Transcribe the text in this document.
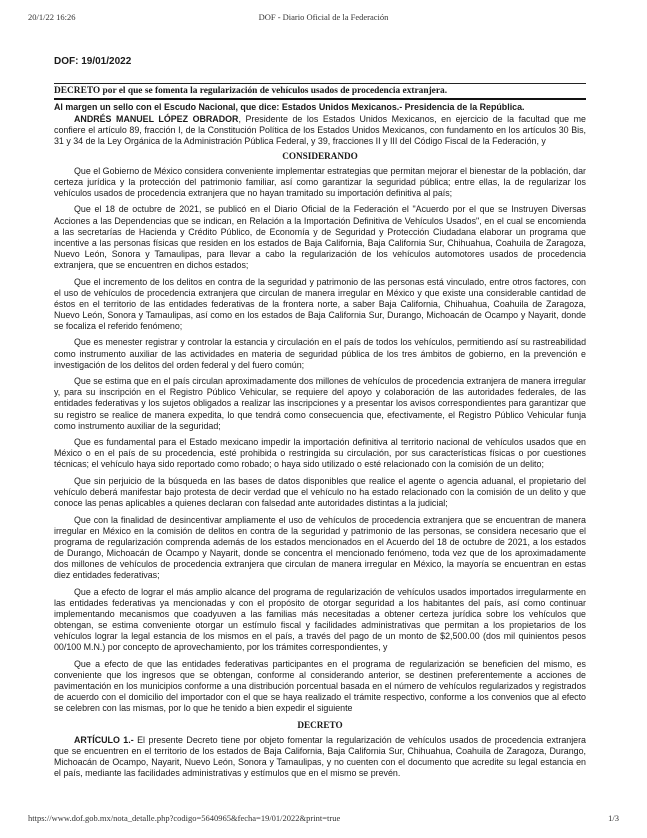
20/1/22 16:26	DOF - Diario Oficial de la Federación
DOF: 19/01/2022
DECRETO por el que se fomenta la regularización de vehículos usados de procedencia extranjera.
Al margen un sello con el Escudo Nacional, que dice: Estados Unidos Mexicanos.- Presidencia de la República.

ANDRÉS MANUEL LÓPEZ OBRADOR, Presidente de los Estados Unidos Mexicanos, en ejercicio de la facultad que me confiere el artículo 89, fracción I, de la Constitución Política de los Estados Unidos Mexicanos, con fundamento en los artículos 30 Bis, 31 y 34 de la Ley Orgánica de la Administración Pública Federal, y 39, fracciones II y III del Código Fiscal de la Federación, y

CONSIDERANDO

Que el Gobierno de México considera conveniente implementar estrategias que permitan mejorar el bienestar de la población, dar certeza jurídica y la protección del patrimonio familiar, así como garantizar la seguridad pública; entre ellas, la de regularizar los vehículos usados de procedencia extranjera que no hayan tramitado su importación definitiva al país;

Que el 18 de octubre de 2021, se publicó en el Diario Oficial de la Federación el "Acuerdo por el que se Instruyen Diversas Acciones a las Dependencias que se indican, en Relación a la Importación Definitiva de Vehículos Usados", en el cual se encomienda a las secretarías de Hacienda y Crédito Público, de Economía y de Seguridad y Protección Ciudadana elaborar un programa que incentive a las personas físicas que residen en los estados de Baja California, Baja California Sur, Chihuahua, Coahuila de Zaragoza, Nuevo León, Sonora y Tamaulipas, para llevar a cabo la regularización de los vehículos automotores usados de procedencia extranjera, que se encuentren en dichos estados;

Que el incremento de los delitos en contra de la seguridad y patrimonio de las personas está vinculado, entre otros factores, con el uso de vehículos de procedencia extranjera que circulan de manera irregular en México y que existe una considerable cantidad de éstos en el territorio de las entidades federativas de la frontera norte, a saber Baja California, Chihuahua, Coahuila de Zaragoza, Nuevo León, Sonora y Tamaulipas, así como en los estados de Baja California Sur, Durango, Michoacán de Ocampo y Nayarit, donde se focaliza el referido fenómeno;

Que es menester registrar y controlar la estancia y circulación en el país de todos los vehículos, permitiendo así su rastreabilidad como instrumento auxiliar de las actividades en materia de seguridad pública de los tres ámbitos de gobierno, en la prevención e investigación de los delitos del orden federal y del fuero común;

Que se estima que en el país circulan aproximadamente dos millones de vehículos de procedencia extranjera de manera irregular y, para su inscripción en el Registro Público Vehicular, se requiere del apoyo y colaboración de las autoridades federales, de las entidades federativas y los sujetos obligados a realizar las inscripciones y a presentar los avisos correspondientes para garantizar que su registro se realice de manera expedita, lo que tendrá como consecuencia que, efectivamente, el Registro Público Vehicular funja como instrumento auxiliar de la seguridad;

Que es fundamental para el Estado mexicano impedir la importación definitiva al territorio nacional de vehículos usados que en México o en el país de su procedencia, esté prohibida o restringida su circulación, por sus características físicas o por cuestiones técnicas; el vehículo haya sido reportado como robado; o haya sido utilizado o esté relacionado con la comisión de un delito;

Que sin perjuicio de la búsqueda en las bases de datos disponibles que realice el agente o agencia aduanal, el propietario del vehículo deberá manifestar bajo protesta de decir verdad que el vehículo no ha estado relacionado con la comisión de un delito y que conoce las penas aplicables a quienes declaran con falsedad ante autoridades distintas a la judicial;

Que con la finalidad de desincentivar ampliamente el uso de vehículos de procedencia extranjera que se encuentran de manera irregular en México en la comisión de delitos en contra de la seguridad y patrimonio de las personas, se considera necesario que el programa de regularización comprenda además de los estados mencionados en el Acuerdo del 18 de octubre de 2021, a los estados de Durango, Michoacán de Ocampo y Nayarit, donde se concentra el mencionado fenómeno, toda vez que de los aproximadamente dos millones de vehículos de procedencia extranjera que circulan de manera irregular en México, la mayoría se encuentran en estas diez entidades federativas;

Que a efecto de lograr el más amplio alcance del programa de regularización de vehículos usados importados irregularmente en las entidades federativas ya mencionadas y con el propósito de otorgar seguridad a los habitantes del país, así como continuar implementando mecanismos que coadyuven a las familias más necesitadas a obtener certeza jurídica sobre los vehículos que obtengan, se estima conveniente otorgar un estímulo fiscal y facilidades administrativas que permitan a los propietarios de los vehículos lograr la legal estancia de los mismos en el país, a través del pago de un monto de $2,500.00 (dos mil quinientos pesos 00/100 M.N.) por concepto de aprovechamiento, por los trámites correspondientes, y

Que a efecto de que las entidades federativas participantes en el programa de regularización se beneficien del mismo, es conveniente que los ingresos que se obtengan, conforme al considerando anterior, se destinen preferentemente a acciones de pavimentación en los municipios conforme a una distribución porcentual basada en el número de vehículos regularizados y registrados de acuerdo con el domicilio del importador con el que se haya realizado el trámite respectivo, conforme a los convenios que al efecto se celebren con las mismas, por lo que he tenido a bien expedir el siguiente

DECRETO

ARTÍCULO 1.- El presente Decreto tiene por objeto fomentar la regularización de vehículos usados de procedencia extranjera que se encuentren en el territorio de los estados de Baja California, Baja California Sur, Chihuahua, Coahuila de Zaragoza, Durango, Michoacán de Ocampo, Nayarit, Nuevo León, Sonora y Tamaulipas, y no cuenten con el documento que acredite su legal estancia en el país, mediante las facilidades administrativas y estímulos que en el mismo se prevén.

https://www.dof.gob.mx/nota_detalle.php?codigo=5640965&fecha=19/01/2022&print=true	1/3
